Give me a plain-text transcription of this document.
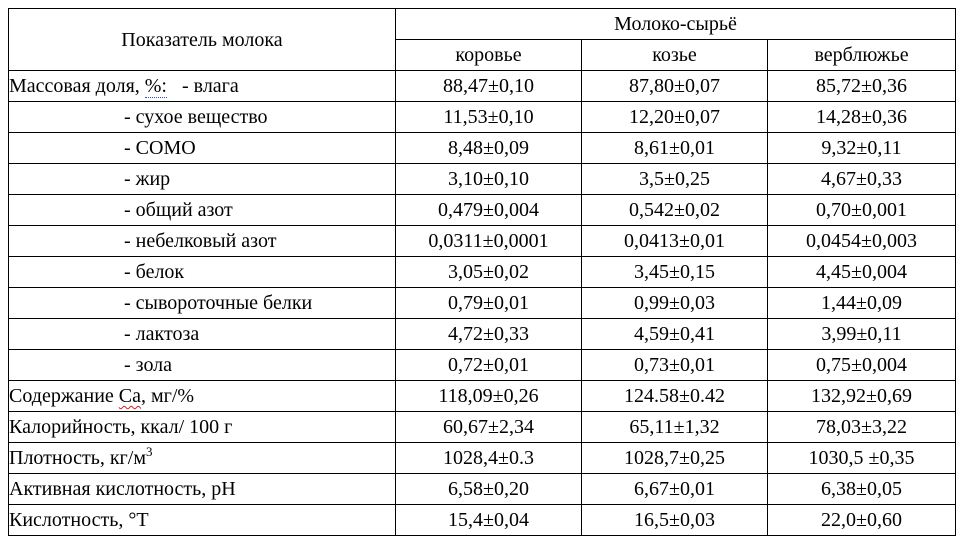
Показатель молока	Молоко-сырьё		
	коровье	козье	верблюжье
Массовая доля, %:   - влага	88,47±0,10	87,80±0,07	85,72±0,36
- сухое вещество	11,53±0,10	12,20±0,07	14,28±0,36
- СОМО	8,48±0,09	8,61±0,01	9,32±0,11
- жир	3,10±0,10	3,5±0,25	4,67±0,33
- общий азот	0,479±0,004	0,542±0,02	0,70±0,001
- небелковый азот	0,0311±0,0001	0,0413±0,01	0,0454±0,003
- белок	3,05±0,02	3,45±0,15	4,45±0,004
- сывороточные белки	0,79±0,01	0,99±0,03	1,44±0,09
- лактоза	4,72±0,33	4,59±0,41	3,99±0,11
- зола	0,72±0,01	0,73±0,01	0,75±0,004
Содержание Са, мг/%	118,09±0,26	124.58±0.42	132,92±0,69
Калорийность, ккал/ 100 г	60,67±2,34	65,11±1,32	78,03±3,22
Плотность, $кг/м^3$	1028,4±0.3	1028,7±0,25	1030,5 ±0,35
Активная кислотность, рН	6,58±0,20	6,67±0,01	6,38±0,05
Кислотность, °Т	15,4±0,04	16,5±0,03	22,0±0,60
